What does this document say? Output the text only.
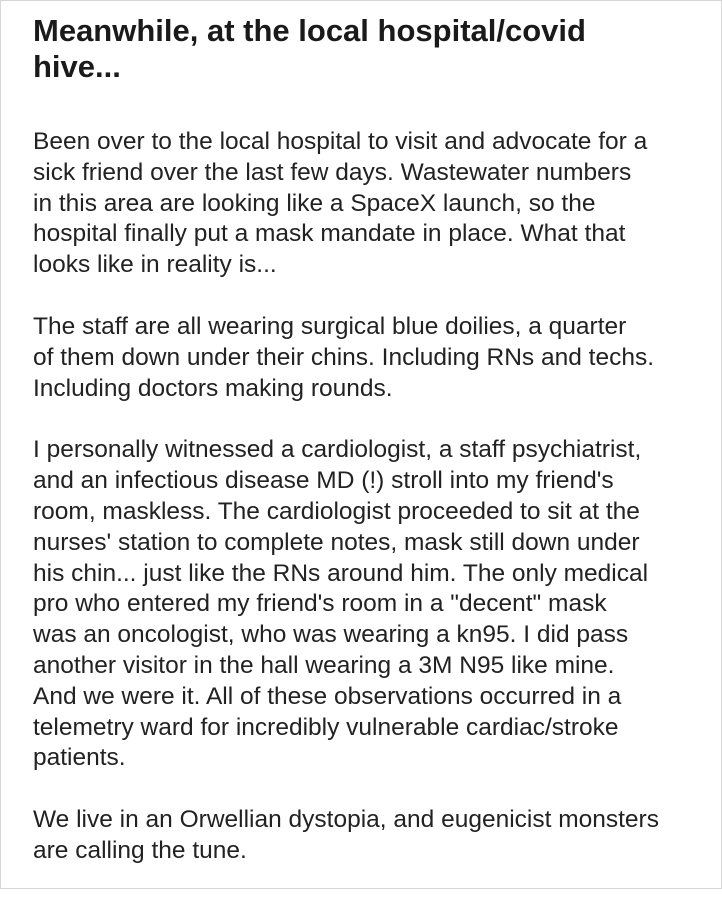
Meanwhile, at the local hospital/covid
hive...

Been over to the local hospital to visit and advocate for a
sick friend over the last few days. Wastewater numbers
in this area are looking like a SpaceX launch, so the
hospital finally put a mask mandate in place. What that
looks like in reality is...

The staff are all wearing surgical blue doilies, a quarter
of them down under their chins. Including RNs and techs.
Including doctors making rounds.

I personally witnessed a cardiologist, a staff psychiatrist,
and an infectious disease MD (!) stroll into my friend's
room, maskless. The cardiologist proceeded to sit at the
nurses' station to complete notes, mask still down under
his chin... just like the RNs around him. The only medical
pro who entered my friend's room in a "decent" mask
was an oncologist, who was wearing a kn95. I did pass
another visitor in the hall wearing a 3M N95 like mine.
And we were it. All of these observations occurred in a
telemetry ward for incredibly vulnerable cardiac/stroke
patients.

We live in an Orwellian dystopia, and eugenicist monsters
are calling the tune.
